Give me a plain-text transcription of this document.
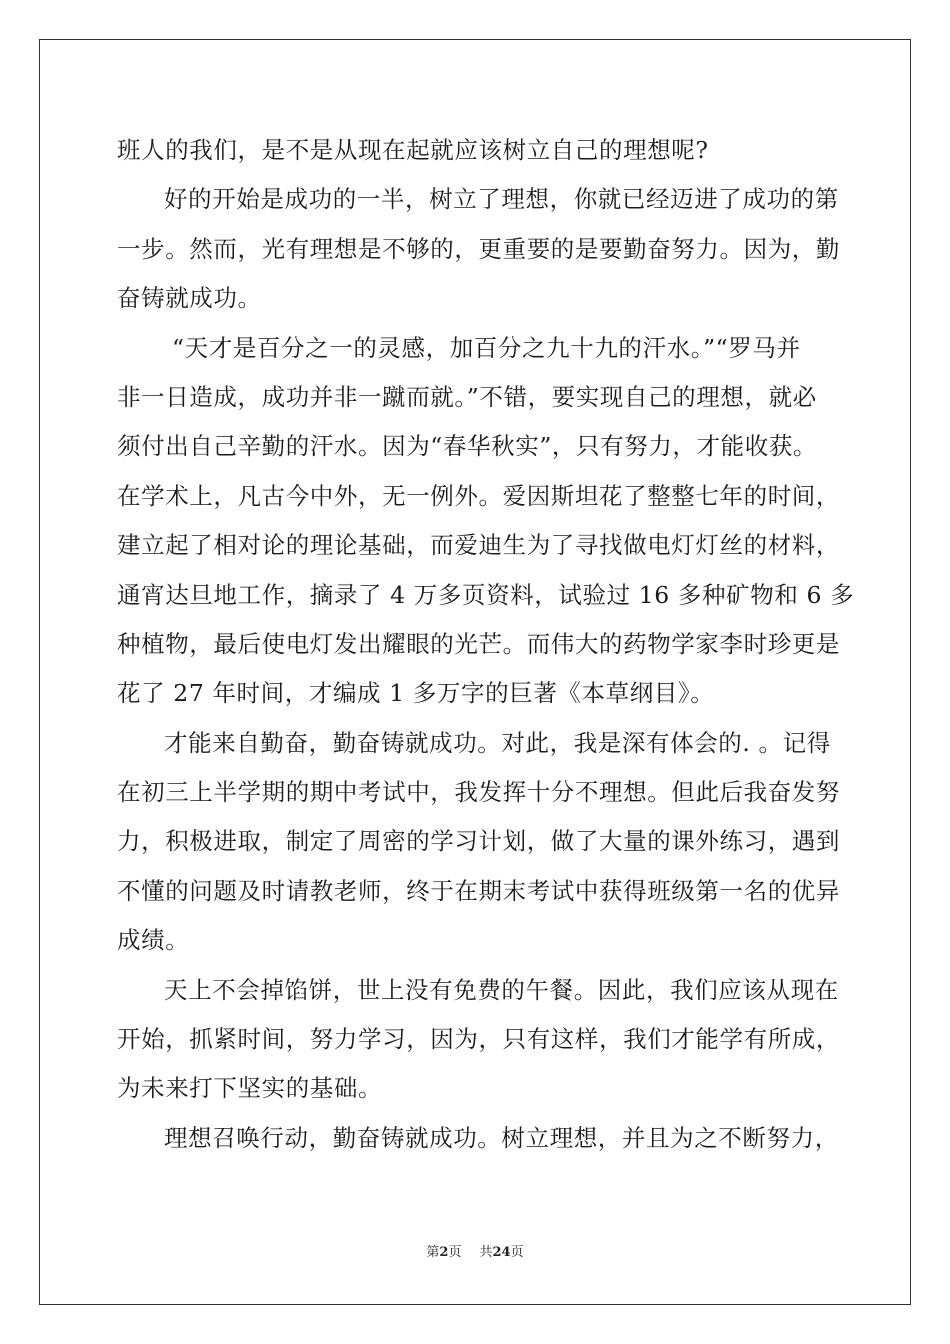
班人的我们，是不是从现在起就应该树立自己的理想呢?
好的开始是成功的一半，树立了理想，你就已经迈进了成功的第
一步。然而，光有理想是不够的，更重要的是要勤奋努力。因为，勤
奋铸就成功。
“天才是百分之一的灵感，加百分之九十九的汗水。”“罗马并
非一日造成，成功并非一蹴而就。”不错，要实现自己的理想，就必
须付出自己辛勤的汗水。因为“春华秋实”，只有努力，才能收获。
在学术上，凡古今中外，无一例外。爱因斯坦花了整整七年的时间，
建立起了相对论的理论基础，而爱迪生为了寻找做电灯灯丝的材料，
通宵达旦地工作，摘录了 4 万多页资料，试验过 16 多种矿物和 6 多
种植物，最后使电灯发出耀眼的光芒。而伟大的药物学家李时珍更是
花了 27 年时间，才编成 1 多万字的巨著《本草纲目》。
才能来自勤奋，勤奋铸就成功。对此，我是深有体会的. 。记得
在初三上半学期的期中考试中，我发挥十分不理想。但此后我奋发努
力，积极进取，制定了周密的学习计划，做了大量的课外练习，遇到
不懂的问题及时请教老师，终于在期末考试中获得班级第一名的优异
成绩。
天上不会掉馅饼，世上没有免费的午餐。因此，我们应该从现在
开始，抓紧时间，努力学习，因为，只有这样，我们才能学有所成，
为未来打下坚实的基础。
理想召唤行动，勤奋铸就成功。树立理想，并且为之不断努力，
第2页 共24页
